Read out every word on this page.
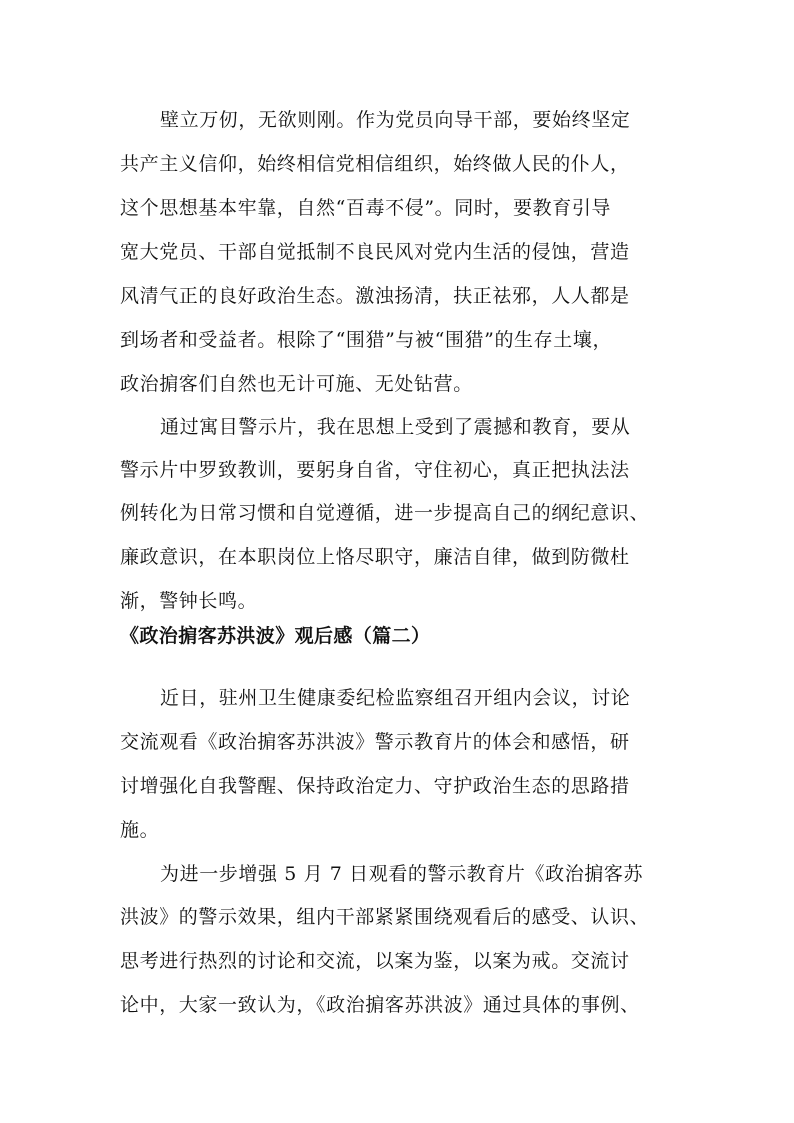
壁立万仞，无欲则刚。作为党员向导干部，要始终坚定
共产主义信仰，始终相信党相信组织，始终做人民的仆人，
这个思想基本牢靠，自然“百毒不侵”。同时，要教育引导
宽大党员、干部自觉抵制不良民风对党内生活的侵蚀，营造
风清气正的良好政治生态。激浊扬清，扶正祛邪，人人都是
到场者和受益者。根除了“围猎”与被“围猎”的生存土壤，
政治掮客们自然也无计可施、无处钻营。
通过寓目警示片，我在思想上受到了震撼和教育，要从
警示片中罗致教训，要躬身自省，守住初心，真正把执法法
例转化为日常习惯和自觉遵循，进一步提高自己的纲纪意识、
廉政意识，在本职岗位上恪尽职守，廉洁自律，做到防微杜
渐，警钟长鸣。
《政治掮客苏洪波》观后感（篇二）
近日，驻州卫生健康委纪检监察组召开组内会议，讨论
交流观看《政治掮客苏洪波》警示教育片的体会和感悟，研
讨增强化自我警醒、保持政治定力、守护政治生态的思路措
施。
为进一步增强 5 月 7 日观看的警示教育片《政治掮客苏
洪波》的警示效果，组内干部紧紧围绕观看后的感受、认识、
思考进行热烈的讨论和交流，以案为鉴，以案为戒。交流讨
论中，大家一致认为，《政治掮客苏洪波》通过具体的事例、
